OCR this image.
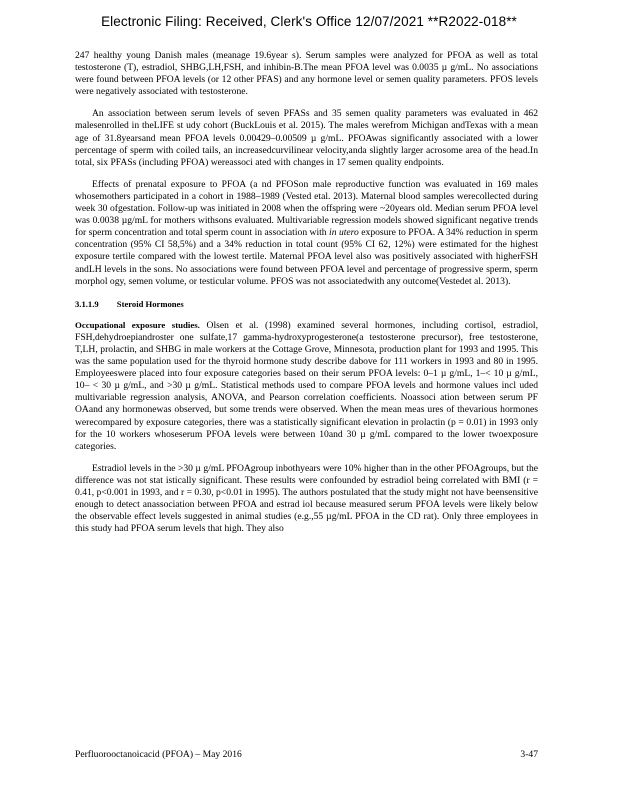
Electronic Filing: Received, Clerk's Office 12/07/2021 **R2022-018**

247 healthy young Danish males (meanage 19.6year s). Serum samples were analyzed for PFOA as well as total testosterone (T), estradiol, SHBG,LH,FSH, and inhibin-B.The mean PFOA level was 0.0035 µ g/mL. No associations were found between PFOA levels (or 12 other PFAS) and any hormone level or semen quality parameters. PFOS levels were negatively associated with testosterone.

An association between serum levels of seven PFASs and 35 semen quality parameters was evaluated in 462 malesenrolled in theLIFE st udy cohort (BuckLouis et al. 2015). The males werefrom Michigan andTexas with a mean age of 31.8yearsand mean PFOA levels 0.00429–0.00509 µ g/mL. PFOAwas significantly associated with a lower percentage of sperm with coiled tails, an increasedcurvilinear velocity,anda slightly larger acrosome area of the head.In total, six PFASs (including PFOA) wereassoci ated with changes in 17 semen quality endpoints.

Effects of prenatal exposure to PFOA (a nd PFOSon male reproductive function was evaluated in 169 males whosemothers participated in a cohort in 1988–1989 (Vested etal. 2013). Maternal blood samples werecollected during week 30 ofgestation. Follow-up was initiated in 2008 when the offspring were ~20years old. Median serum PFOA level was 0.0038 µg/mL for mothers withsons evaluated. Multivariable regression models showed significant negative trends for sperm concentration and total sperm count in association with in utero exposure to PFOA. A 34% reduction in sperm concentration (95% CI 58,5%) and a 34% reduction in total count (95% CI 62, 12%) were estimated for the highest exposure tertile compared with the lowest tertile. Maternal PFOA level also was positively associated with higherFSH andLH levels in the sons. No associations were found between PFOA level and percentage of progressive sperm, sperm morphol ogy, semen volume, or testicular volume. PFOS was not associatedwith any outcome(Vestedet al. 2013).

3.1.1.9 Steroid Hormones

Occupational exposure studies. Olsen et al. (1998) examined several hormones, including cortisol, estradiol, FSH,dehydroepiandroster one sulfate,17 gamma-hydroxyprogesterone(a testosterone precursor), free testosterone, T,LH, prolactin, and SHBG in male workers at the Cottage Grove, Minnesota, production plant for 1993 and 1995. This was the same population used for the thyroid hormone study describe dabove for 111 workers in 1993 and 80 in 1995. Employeeswere placed into four exposure categories based on their serum PFOA levels: 0–1 µ g/mL, 1–< 10 µ g/mL, 10– < 30 µ g/mL, and >30 µ g/mL. Statistical methods used to compare PFOA levels and hormone values incl uded multivariable regression analysis, ANOVA, and Pearson correlation coefficients. Noassoci ation between serum PF OAand any hormonewas observed, but some trends were observed. When the mean meas ures of thevarious hormones werecompared by exposure categories, there was a statistically significant elevation in prolactin (p = 0.01) in 1993 only for the 10 workers whoseserum PFOA levels were between 10and 30 µ g/mL compared to the lower twoexposure categories.

Estradiol levels in the >30 µ g/mL PFOAgroup inbothyears were 10% higher than in the other PFOAgroups, but the difference was not stat istically significant. These results were confounded by estradiol being correlated with BMI (r = 0.41, p<0.001 in 1993, and r = 0.30, p<0.01 in 1995). The authors postulated that the study might not have beensensitive enough to detect anassociation between PFOA and estrad iol because measured serum PFOA levels were likely below the observable effect levels suggested in animal studies (e.g.,55 µg/mL PFOA in the CD rat). Only three employees in this study had PFOA serum levels that high. They also

Perfluorooctanoicacid (PFOA) – May 2016	3-47
